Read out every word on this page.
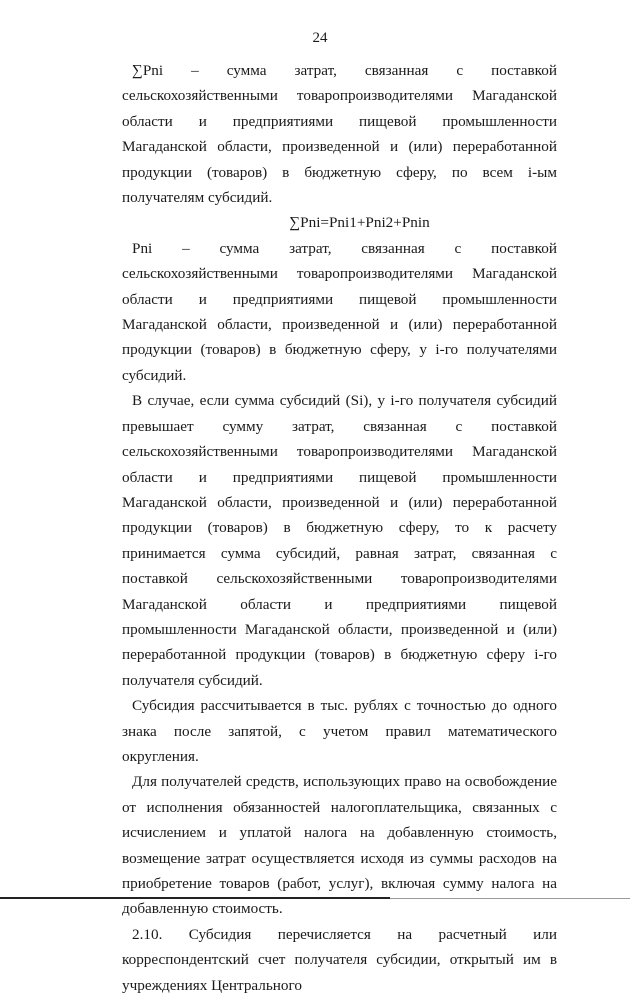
24

∑Pni – сумма затрат, связанная с поставкой сельскохозяйственными товаропроизводителями Магаданской области и предприятиями пищевой промышленности Магаданской области, произведенной и (или) переработанной продукции (товаров) в бюджетную сферу, по всем i-ым получателям субсидий.

∑Pni=Pni1+Pni2+Pnin

Pni – сумма затрат, связанная с поставкой сельскохозяйственными товаропроизводителями Магаданской области и предприятиями пищевой промышленности Магаданской области, произведенной и (или) переработанной продукции (товаров) в бюджетную сферу, у i-го получателями субсидий.

В случае, если сумма субсидий (Si), у i-го получателя субсидий превышает сумму затрат, связанная с поставкой сельскохозяйственными товаропроизводителями Магаданской области и предприятиями пищевой промышленности Магаданской области, произведенной и (или) переработанной продукции (товаров) в бюджетную сферу, то к расчету принимается сумма субсидий, равная затрат, связанная с поставкой сельскохозяйственными товаропроизводителями Магаданской области и предприятиями пищевой промышленности Магаданской области, произведенной и (или) переработанной продукции (товаров) в бюджетную сферу i-го получателя субсидий.

Субсидия рассчитывается в тыс. рублях с точностью до одного знака после запятой, с учетом правил математического округления.

Для получателей средств, использующих право на освобождение от исполнения обязанностей налогоплательщика, связанных с исчислением и уплатой налога на добавленную стоимость, возмещение затрат осуществляется исходя из суммы расходов на приобретение товаров (работ, услуг), включая сумму налога на добавленную стоимость.

2.10. Субсидия перечисляется на расчетный или корреспондентский счет получателя субсидии, открытый им в учреждениях Центрального
